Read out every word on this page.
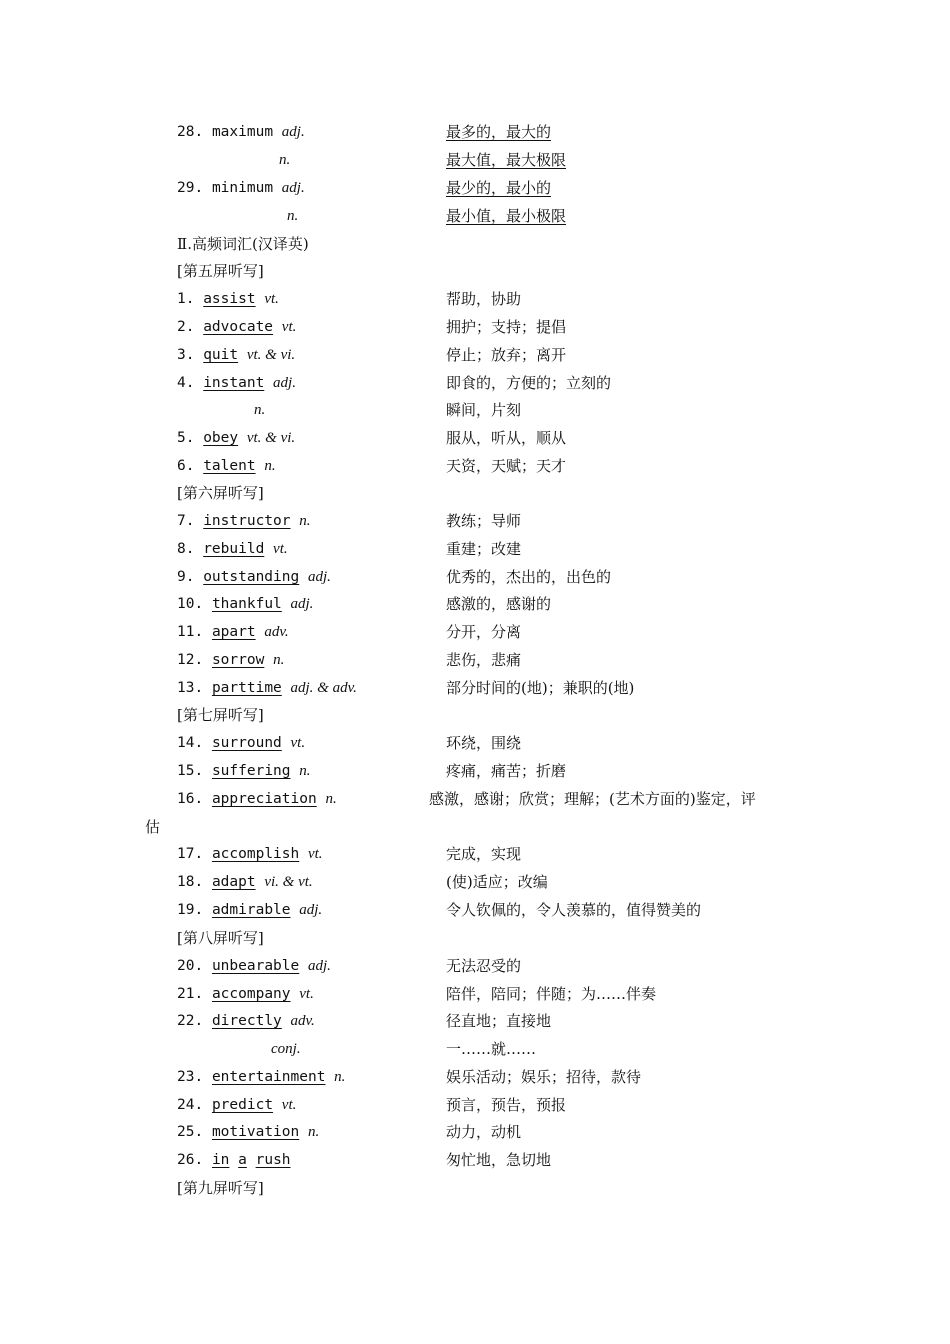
28. maximum adj.	最多的，最大的
n.	最大值，最大极限
29. minimum adj.	最少的，最小的
n.	最小值，最小极限
Ⅱ.高频词汇(汉译英)
[第五屏听写]
1. assist vt.	帮助，协助
2. advocate vt.	拥护；支持；提倡
3. quit vt. & vi.	停止；放弃；离开
4. instant adj.	即食的，方便的；立刻的
n.	瞬间，片刻
5. obey vt. & vi.	服从，听从，顺从
6. talent n.	天资，天赋；天才
[第六屏听写]
7. instructor n.	教练；导师
8. rebuild vt.	重建；改建
9. outstanding adj.	优秀的，杰出的，出色的
10. thankful adj.	感激的，感谢的
11. apart adv.	分开，分离
12. sorrow n.	悲伤，悲痛
13. parttime adj. & adv.	部分时间的(地)；兼职的(地)
[第七屏听写]
14. surround vt.	环绕，围绕
15. suffering n.	疼痛，痛苦；折磨
16. appreciation n.	感激，感谢；欣赏；理解；(艺术方面的)鉴定，评
估
17. accomplish vt.	完成，实现
18. adapt vi. & vt.	(使)适应；改编
19. admirable adj.	令人钦佩的，令人羡慕的，值得赞美的
[第八屏听写]
20. unbearable adj.	无法忍受的
21. accompany vt.	陪伴，陪同；伴随；为……伴奏
22. directly adv.	径直地；直接地
conj.	一……就……
23. entertainment n.	娱乐活动；娱乐；招待，款待
24. predict vt.	预言，预告，预报
25. motivation n.	动力，动机
26. in a rush	匆忙地，急切地
[第九屏听写]
